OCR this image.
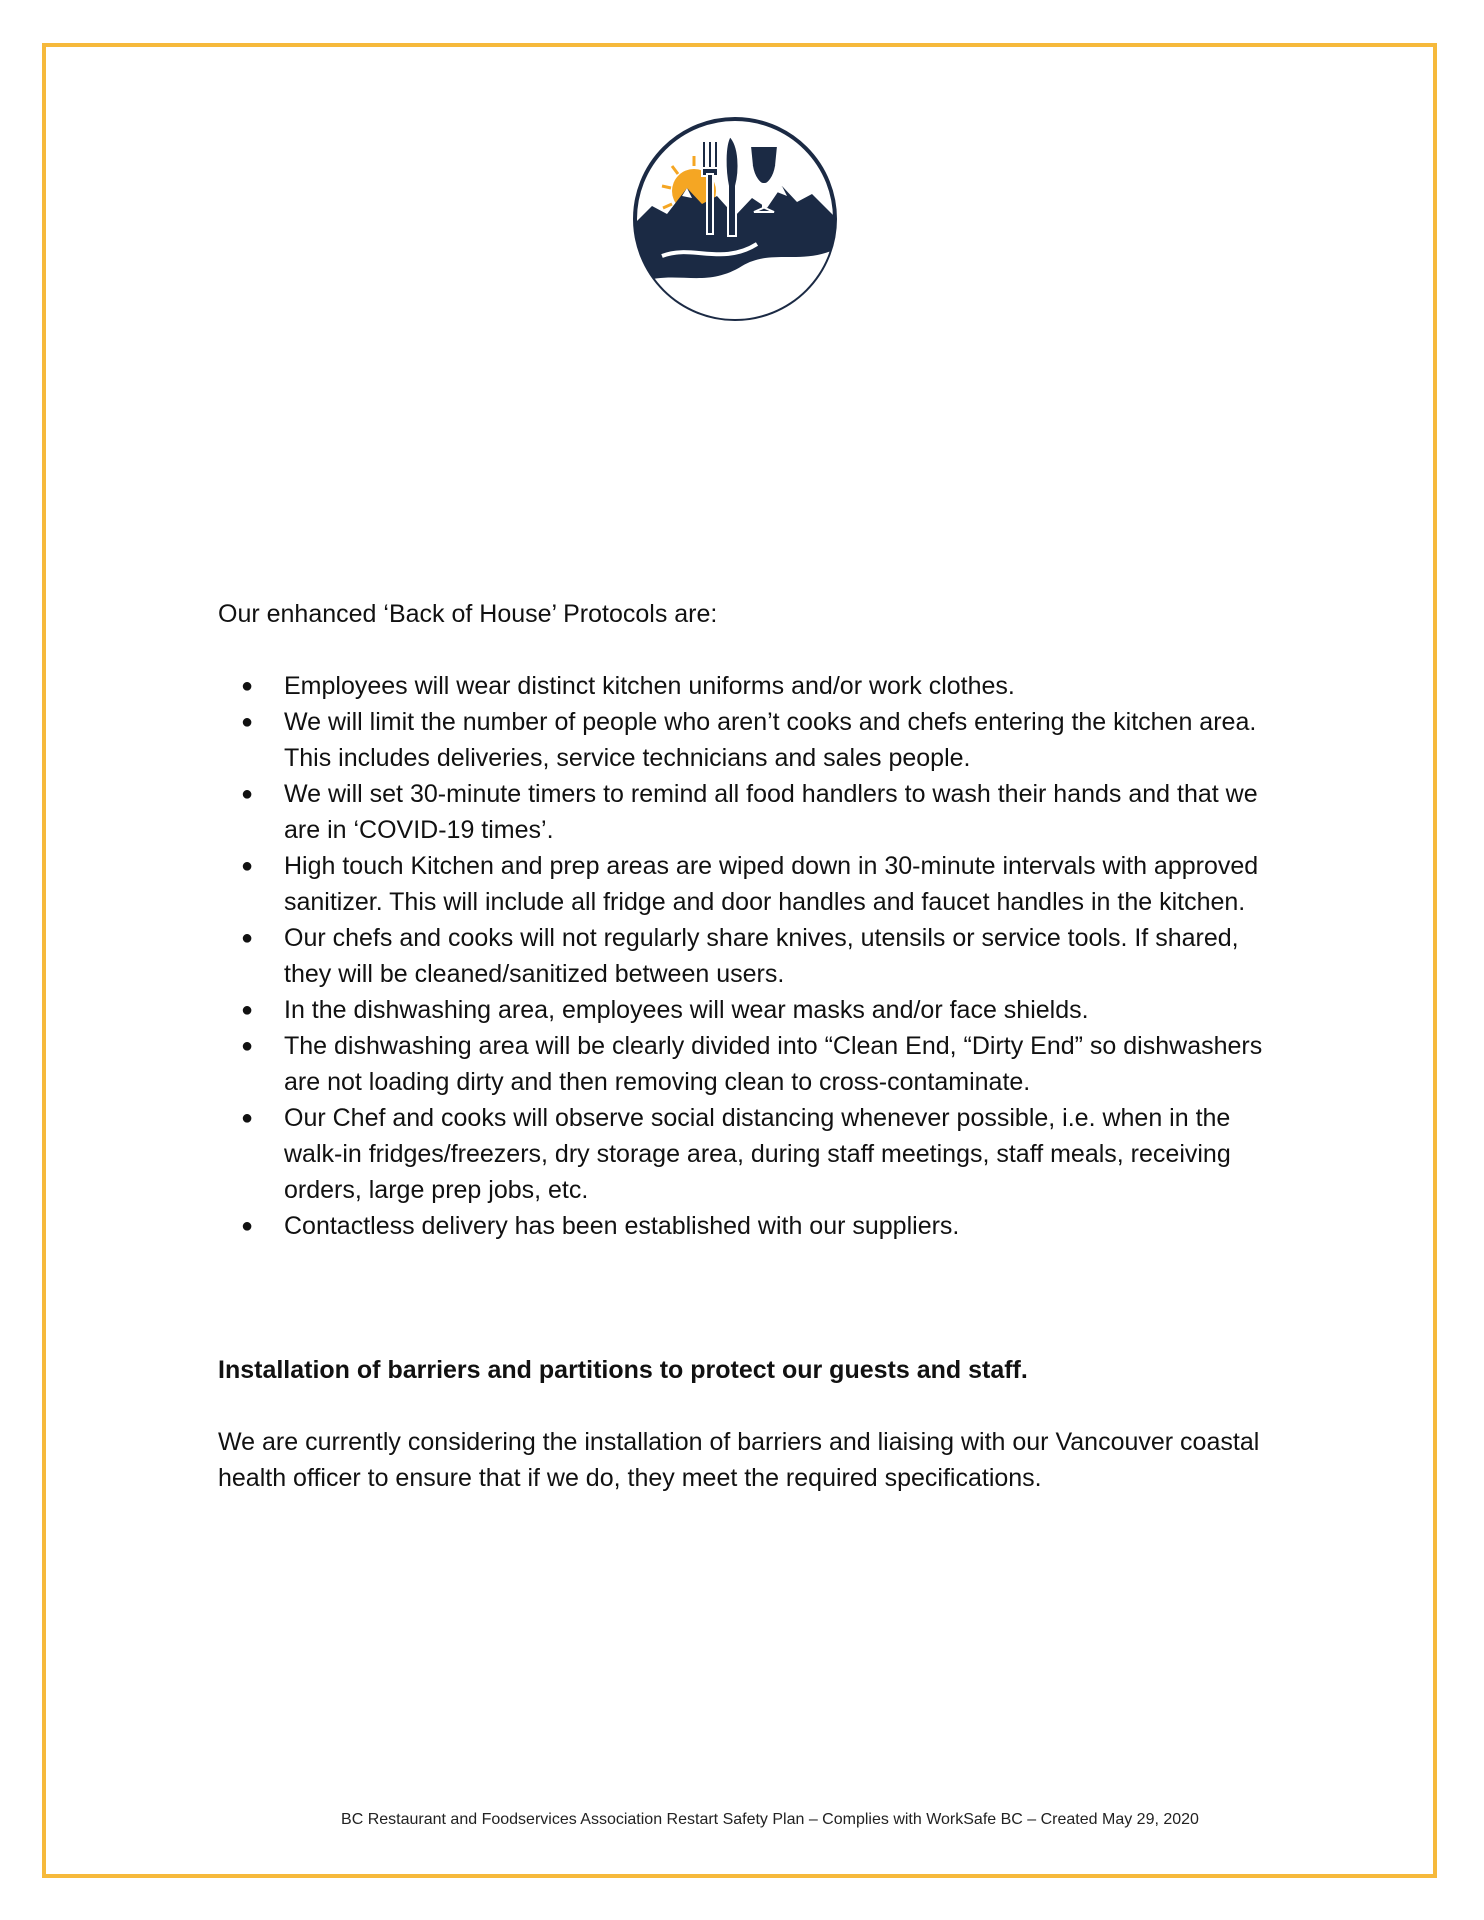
Our enhanced ‘Back of House’ Protocols are:

● Employees will wear distinct kitchen uniforms and/or work clothes.
● We will limit the number of people who aren’t cooks and chefs entering the kitchen area. This includes deliveries, service technicians and sales people.
● We will set 30-minute timers to remind all food handlers to wash their hands and that we are in ‘COVID-19 times’.
● High touch Kitchen and prep areas are wiped down in 30-minute intervals with approved sanitizer. This will include all fridge and door handles and faucet handles in the kitchen.
● Our chefs and cooks will not regularly share knives, utensils or service tools. If shared, they will be cleaned/sanitized between users.
● In the dishwashing area, employees will wear masks and/or face shields.
● The dishwashing area will be clearly divided into “Clean End, “Dirty End” so dishwashers are not loading dirty and then removing clean to cross-contaminate.
● Our Chef and cooks will observe social distancing whenever possible, i.e. when in the walk-in fridges/freezers, dry storage area, during staff meetings, staff meals, receiving orders, large prep jobs, etc.
● Contactless delivery has been established with our suppliers.

Installation of barriers and partitions to protect our guests and staff.

We are currently considering the installation of barriers and liaising with our Vancouver coastal health officer to ensure that if we do, they meet the required specifications.

BC Restaurant and Foodservices Association Restart Safety Plan – Complies with WorkSafe BC – Created May 29, 2020
